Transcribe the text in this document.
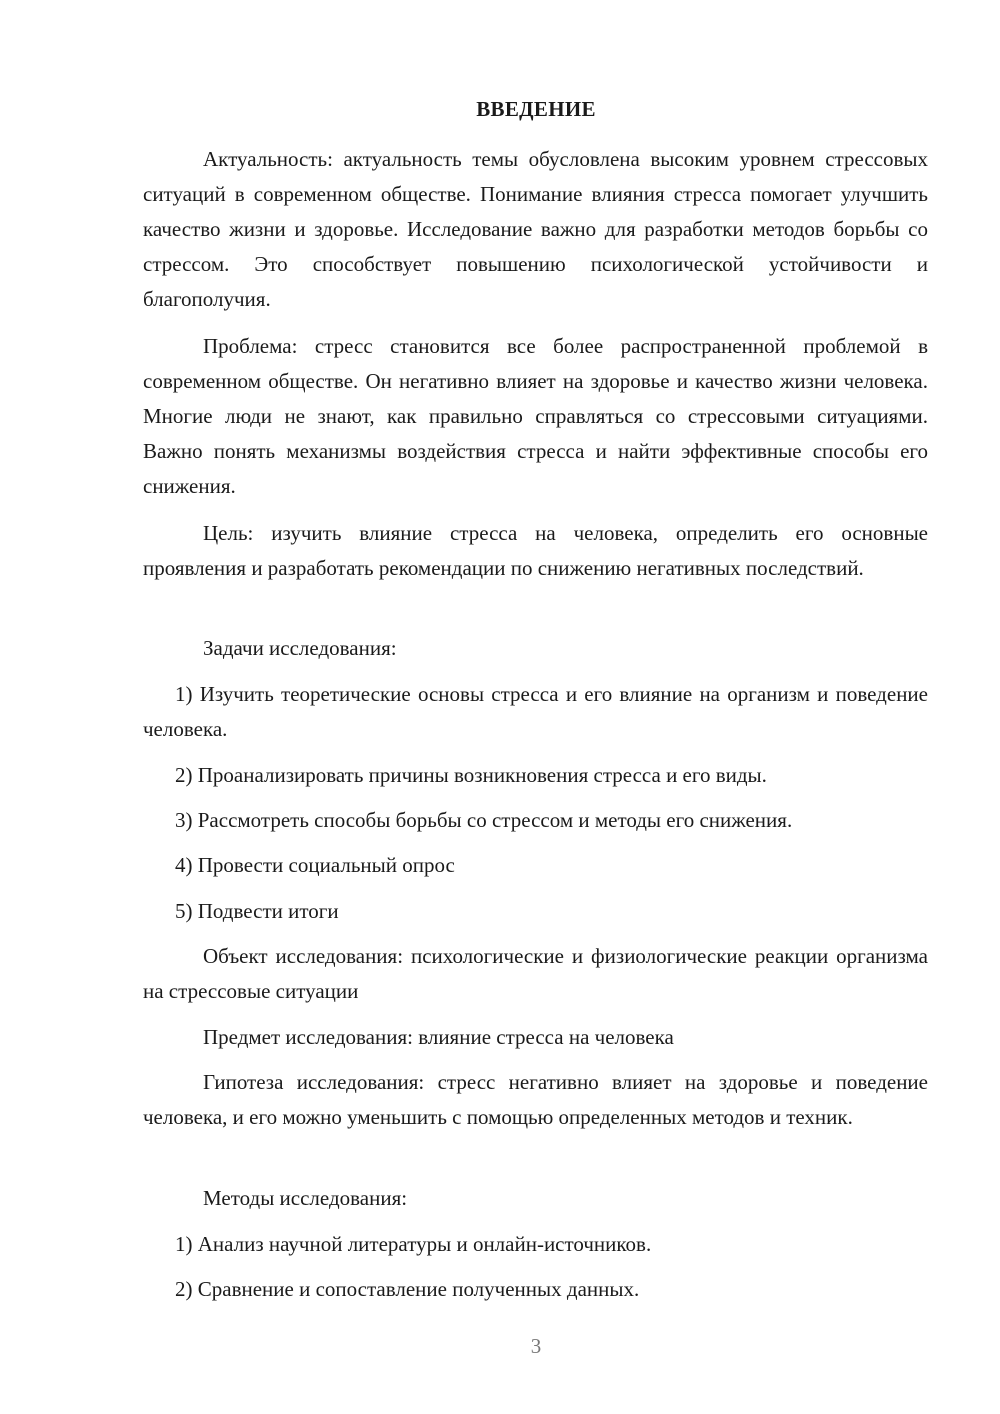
ВВЕДЕНИЕ

Актуальность: актуальность темы обусловлена высоким уровнем стрессовых ситуаций в современном обществе. Понимание влияния стресса помогает улучшить качество жизни и здоровье. Исследование важно для разработки методов борьбы со стрессом. Это способствует повышению психологической устойчивости и благополучия.

Проблема: стресс становится все более распространенной проблемой в современном обществе. Он негативно влияет на здоровье и качество жизни человека. Многие люди не знают, как правильно справляться со стрессовыми ситуациями. Важно понять механизмы воздействия стресса и найти эффективные способы его снижения.

Цель: изучить влияние стресса на человека, определить его основные проявления и разработать рекомендации по снижению негативных последствий.

Задачи исследования:

1) Изучить теоретические основы стресса и его влияние на организм и поведение человека.

2) Проанализировать причины возникновения стресса и его виды.

3) Рассмотреть способы борьбы со стрессом и методы его снижения.

4) Провести социальный опрос

5) Подвести итоги

Объект исследования: психологические и физиологические реакции организма на стрессовые ситуации

Предмет исследования: влияние стресса на человека

Гипотеза исследования: стресс негативно влияет на здоровье и поведение человека, и его можно уменьшить с помощью определенных методов и техник.

Методы исследования:

1) Анализ научной литературы и онлайн-источников.

2) Сравнение и сопоставление полученных данных.

3
